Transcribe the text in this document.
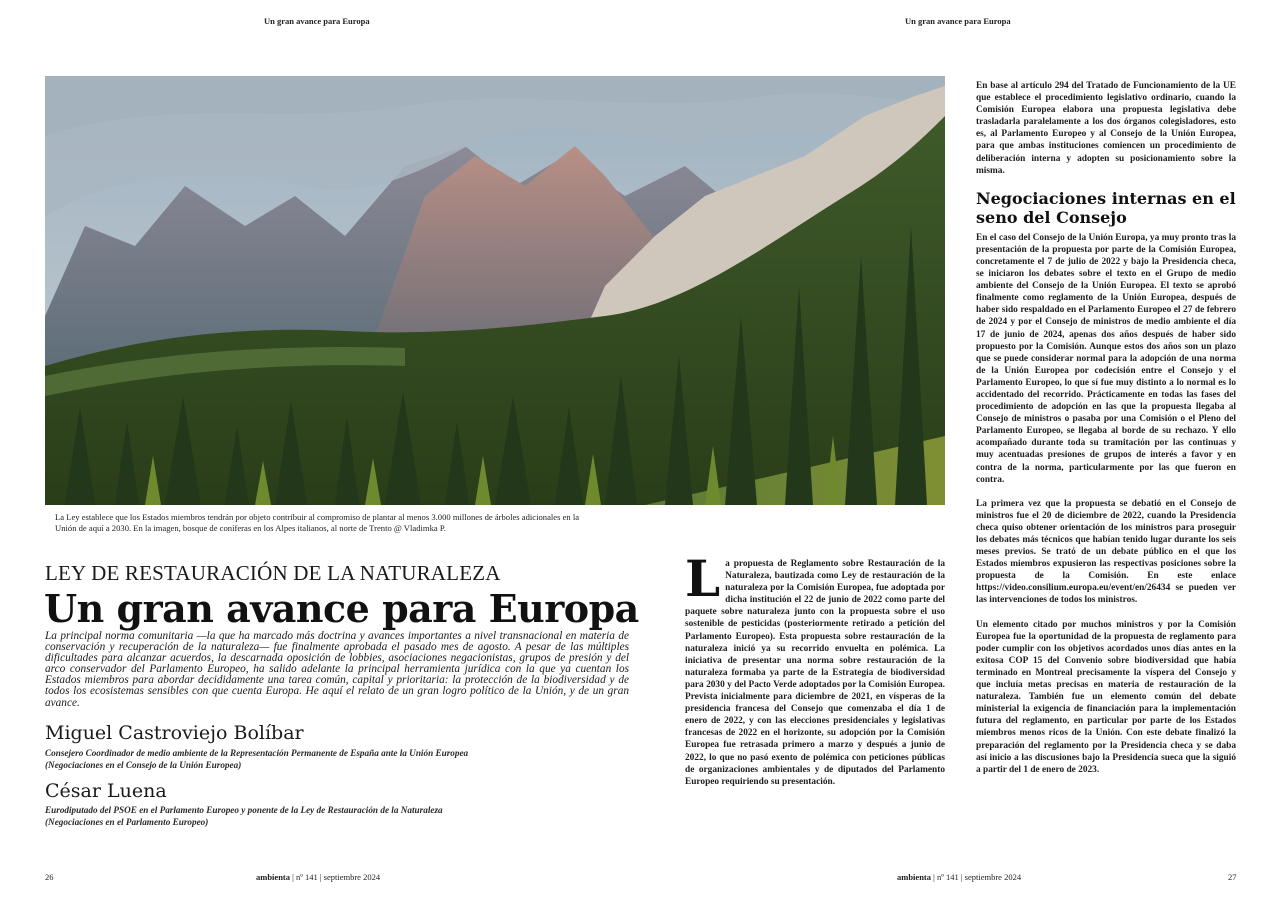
Un gran avance para Europa	Un gran avance para Europa
La Ley establece que los Estados miembros tendrán por objeto contribuir al compromiso de plantar al menos 3.000 millones de árboles adicionales en la Unión de aquí a 2030. En la imagen, bosque de coníferas en los Alpes italianos, al norte de Trento @ Vladimka P.
LEY DE RESTAURACIÓN DE LA NATURALEZA
Un gran avance para Europa
La principal norma comunitaria —la que ha marcado más doctrina y avances importantes a nivel transnacional en materia de conservación y recuperación de la naturaleza— fue finalmente aprobada el pasado mes de agosto. A pesar de las múltiples dificultades para alcanzar acuerdos, la descarnada oposición de lobbies, asociaciones negacionistas, grupos de presión y del arco conservador del Parlamento Europeo, ha salido adelante la principal herramienta jurídica con la que ya cuentan los Estados miembros para abordar decididamente una tarea común, capital y prioritaria: la protección de la biodiversidad y de todos los ecosistemas sensibles con que cuenta Europa. He aquí el relato de un gran logro político de la Unión, y de un gran avance.
Miguel Castroviejo Bolíbar
Consejero Coordinador de medio ambiente de la Representación Permanente de España ante la Unión Europea
(Negociaciones en el Consejo de la Unión Europea)
César Luena
Eurodiputado del PSOE en el Parlamento Europeo y ponente de la Ley de Restauración de la Naturaleza
(Negociaciones en el Parlamento Europeo)
L a propuesta de Reglamento sobre Restauración de la Naturaleza, bautizada como Ley de restauración de la naturaleza por la Comisión Europea, fue adoptada por dicha institución el 22 de junio de 2022 como parte del paquete sobre naturaleza junto con la propuesta sobre el uso sostenible de pesticidas (posteriormente retirado a petición del Parlamento Europeo). Esta propuesta sobre restauración de la naturaleza inició ya su recorrido envuelta en polémica. La iniciativa de presentar una norma sobre restauración de la naturaleza formaba ya parte de la Estrategia de biodiversidad para 2030 y del Pacto Verde adoptados por la Comisión Europea. Prevista inicialmente para diciembre de 2021, en vísperas de la presidencia francesa del Consejo que comenzaba el día 1 de enero de 2022, y con las elecciones presidenciales y legislativas francesas de 2022 en el horizonte, su adopción por la Comisión Europea fue retrasada primero a marzo y después a junio de 2022, lo que no pasó exento de polémica con peticiones públicas de organizaciones ambientales y de diputados del Parlamento Europeo requiriendo su presentación.

En base al artículo 294 del Tratado de Funcionamiento de la UE que establece el procedimiento legislativo ordinario, cuando la Comisión Europea elabora una propuesta legislativa debe trasladarla paralelamente a los dos órganos colegisladores, esto es, al Parlamento Europeo y al Consejo de la Unión Europea, para que ambas instituciones comiencen un procedimiento de deliberación interna y adopten su posicionamiento sobre la misma.

Negociaciones internas en el seno del Consejo

En el caso del Consejo de la Unión Europa, ya muy pronto tras la presentación de la propuesta por parte de la Comisión Europea, concretamente el 7 de julio de 2022 y bajo la Presidencia checa, se iniciaron los debates sobre el texto en el Grupo de medio ambiente del Consejo de la Unión Europea. El texto se aprobó finalmente como reglamento de la Unión Europea, después de haber sido respaldado en el Parlamento Europeo el 27 de febrero de 2024 y por el Consejo de ministros de medio ambiente el día 17 de junio de 2024, apenas dos años después de haber sido propuesto por la Comisión. Aunque estos dos años son un plazo que se puede considerar normal para la adopción de una norma de la Unión Europea por codecisión entre el Consejo y el Parlamento Europeo, lo que sí fue muy distinto a lo normal es lo accidentado del recorrido. Prácticamente en todas las fases del procedimiento de adopción en las que la propuesta llegaba al Consejo de ministros o pasaba por una Comisión o el Pleno del Parlamento Europeo, se llegaba al borde de su rechazo. Y ello acompañado durante toda su tramitación por las continuas y muy acentuadas presiones de grupos de interés a favor y en contra de la norma, particularmente por las que fueron en contra.

La primera vez que la propuesta se debatió en el Consejo de ministros fue el 20 de diciembre de 2022, cuando la Presidencia checa quiso obtener orientación de los ministros para proseguir los debates más técnicos que habían tenido lugar durante los seis meses previos. Se trató de un debate público en el que los Estados miembros expusieron las respectivas posiciones sobre la propuesta de la Comisión. En este enlace https://video.consilium.europa.eu/event/en/26434 se pueden ver las intervenciones de todos los ministros.

Un elemento citado por muchos ministros y por la Comisión Europea fue la oportunidad de la propuesta de reglamento para poder cumplir con los objetivos acordados unos días antes en la exitosa COP 15 del Convenio sobre biodiversidad que había terminado en Montreal precisamente la víspera del Consejo y que incluía metas precisas en materia de restauración de la naturaleza. También fue un elemento común del debate ministerial la exigencia de financiación para la implementación futura del reglamento, en particular por parte de los Estados miembros menos ricos de la Unión. Con este debate finalizó la preparación del reglamento por la Presidencia checa y se daba así inicio a las discusiones bajo la Presidencia sueca que la siguió a partir del 1 de enero de 2023.

26	ambienta | nº 141 | septiembre 2024	ambienta | nº 141 | septiembre 2024	27
